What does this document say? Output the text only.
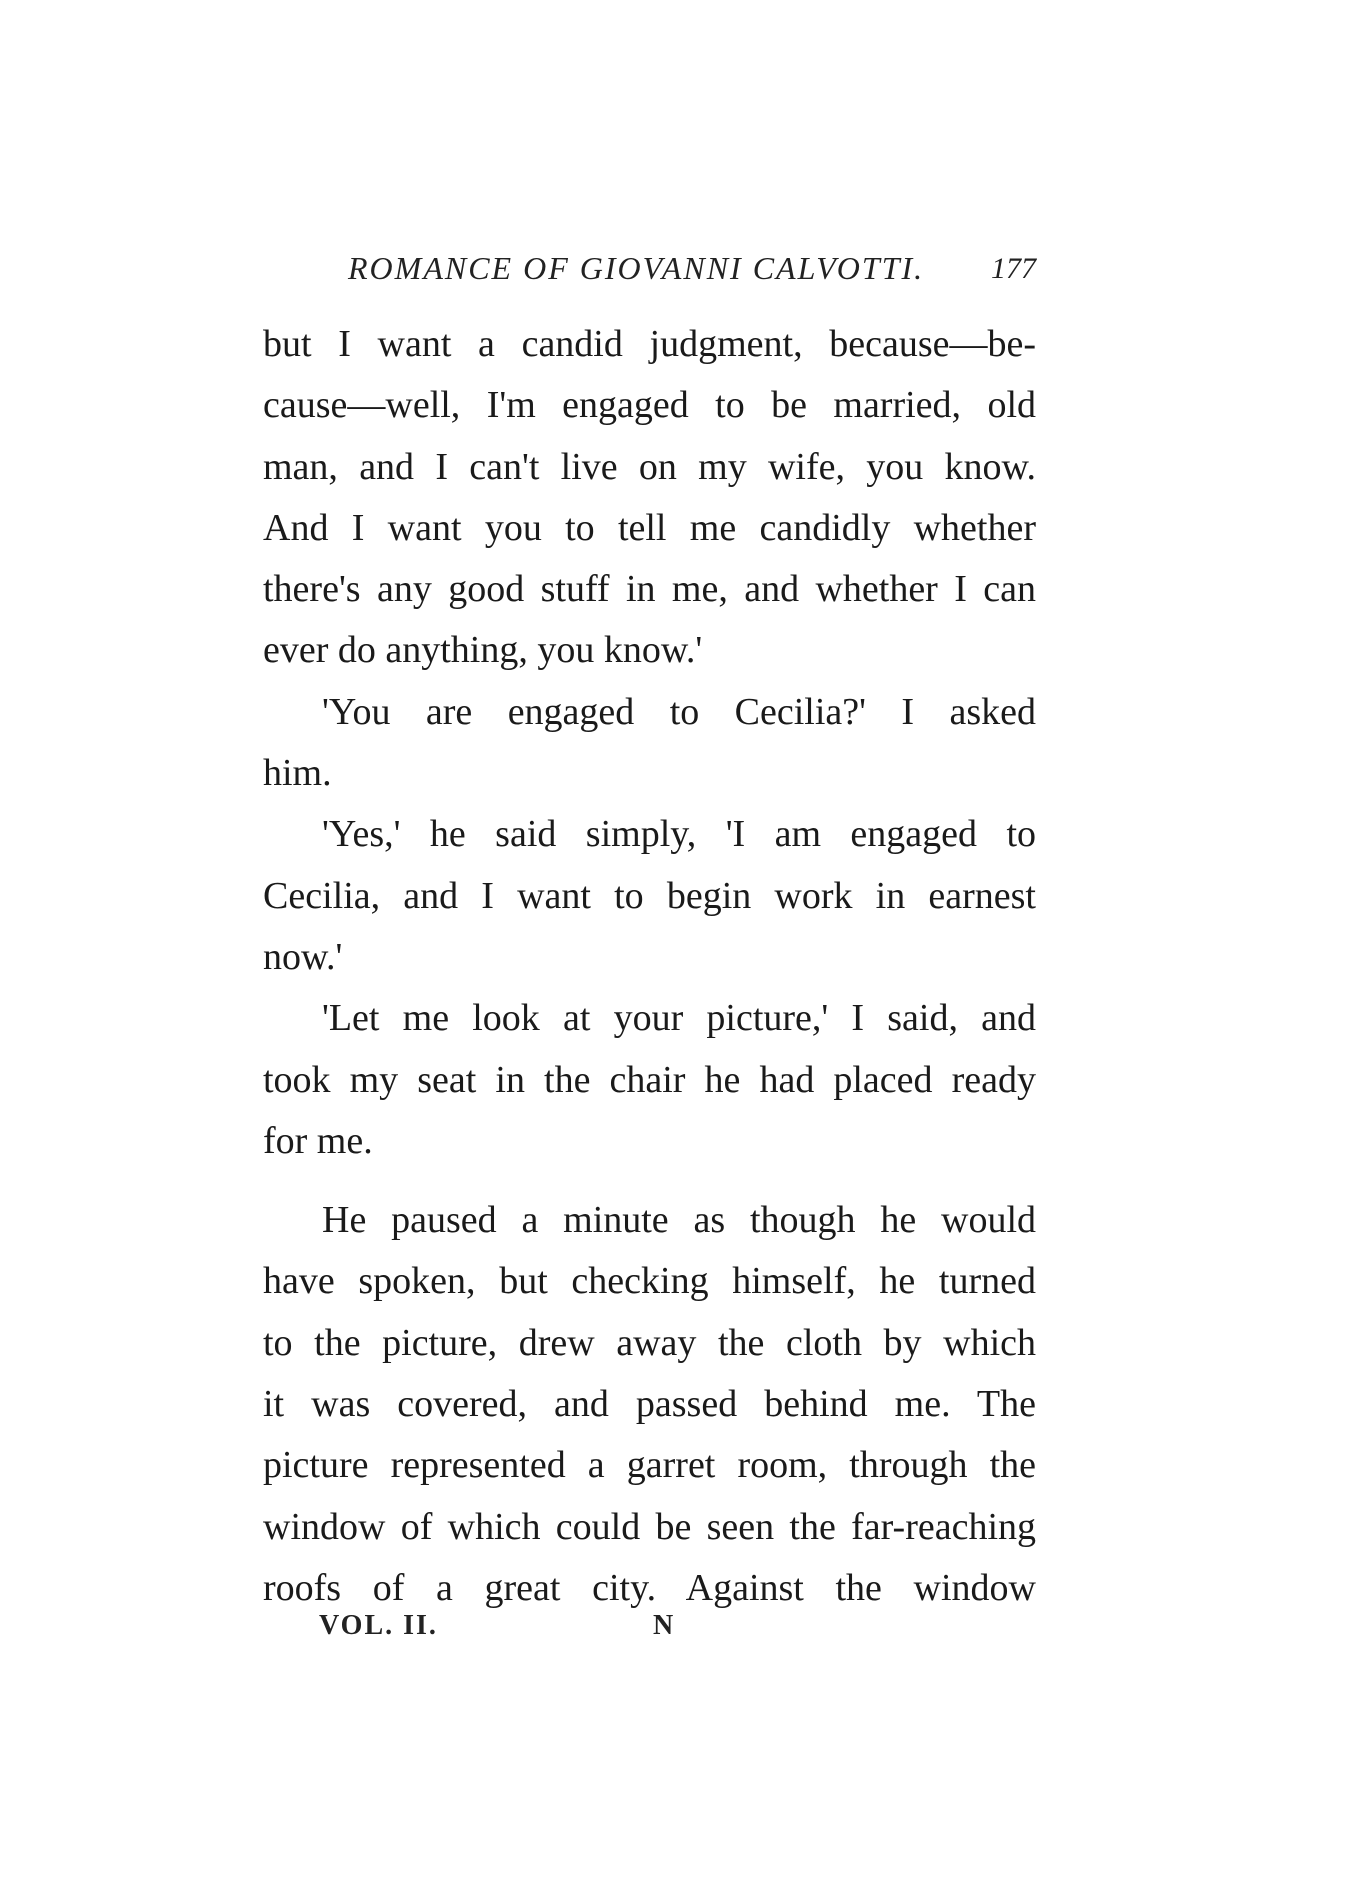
ROMANCE OF GIOVANNI CALVOTTI. 177
but I want a candid judgment, because—be-
cause—well, I'm engaged to be married, old
man, and I can't live on my wife, you know.
And I want you to tell me candidly whether
there's any good stuff in me, and whether I can
ever do anything, you know.'
'You are engaged to Cecilia?' I asked
him.
'Yes,' he said simply, 'I am engaged to
Cecilia, and I want to begin work in earnest
now.'
'Let me look at your picture,' I said, and
took my seat in the chair he had placed ready
for me.
He paused a minute as though he would
have spoken, but checking himself, he turned
to the picture, drew away the cloth by which
it was covered, and passed behind me. The
picture represented a garret room, through the
window of which could be seen the far-reaching
roofs of a great city. Against the window
VOL. II.	N
